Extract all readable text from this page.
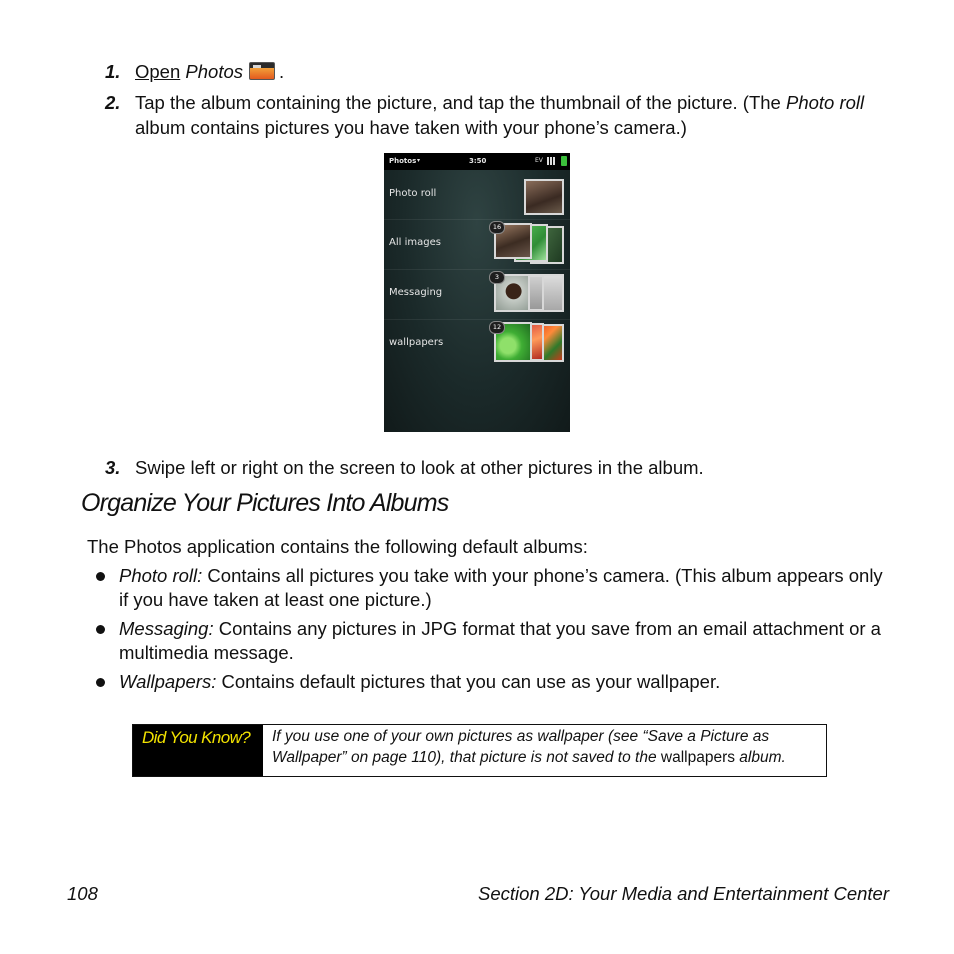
1. Open Photos .
2. Tap the album containing the picture, and tap the thumbnail of the picture. (The Photo roll album contains pictures you have taken with your phone’s camera.)
Photos ▾	3:50	EV
Photo roll
All images
16
Messaging
3
wallpapers
12
3. Swipe left or right on the screen to look at other pictures in the album.
Organize Your Pictures Into Albums
The Photos application contains the following default albums:
Photo roll: Contains all pictures you take with your phone’s camera. (This album appears only if you have taken at least one picture.)
Messaging: Contains any pictures in JPG format that you save from an email attachment or a multimedia message.
Wallpapers: Contains default pictures that you can use as your wallpaper.
Did You Know? If you use one of your own pictures as wallpaper (see “Save a Picture as Wallpaper” on page 110), that picture is not saved to the wallpapers album.
108	Section 2D: Your Media and Entertainment Center
